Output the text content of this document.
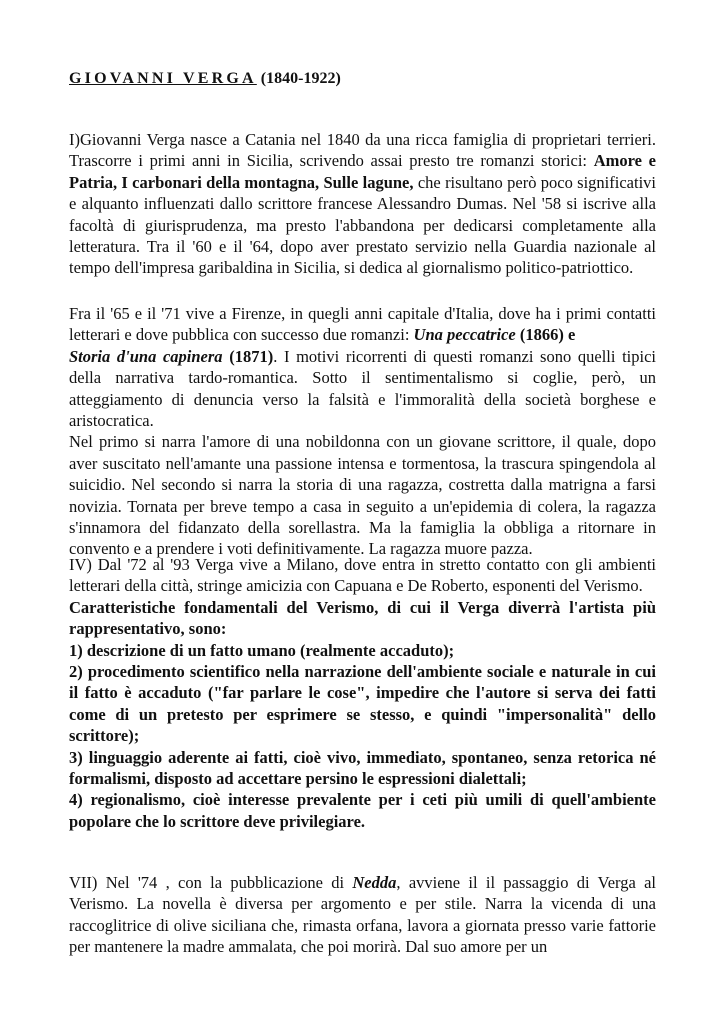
GIOVANNI VERGA (1840-1922)

I)Giovanni Verga nasce a Catania nel 1840 da una ricca famiglia di proprietari terrieri. Trascorre i primi anni in Sicilia, scrivendo assai presto tre romanzi storici: Amore e Patria, I carbonari della montagna, Sulle lagune, che risultano però poco significativi e alquanto influenzati dallo scrittore francese Alessandro Dumas. Nel '58 si iscrive alla facoltà di giurisprudenza, ma presto l'abbandona per dedicarsi completamente alla letteratura. Tra il '60 e il '64, dopo aver prestato servizio nella Guardia nazionale al tempo dell'impresa garibaldina in Sicilia, si dedica al giornalismo politico-patriottico.

Fra il '65 e il '71 vive a Firenze, in quegli anni capitale d'Italia, dove ha i primi contatti letterari e dove pubblica con successo due romanzi: Una peccatrice (1866) e
Storia d'una capinera (1871). I motivi ricorrenti di questi romanzi sono quelli tipici della narrativa tardo-romantica. Sotto il sentimentalismo si coglie, però, un atteggiamento di denuncia verso la falsità e l'immoralità della società borghese e aristocratica.
Nel primo si narra l'amore di una nobildonna con un giovane scrittore, il quale, dopo aver suscitato nell'amante una passione intensa e tormentosa, la trascura spingendola al suicidio. Nel secondo si narra la storia di una ragazza, costretta dalla matrigna a farsi novizia. Tornata per breve tempo a casa in seguito a un'epidemia di colera, la ragazza s'innamora del fidanzato della sorellastra. Ma la famiglia la obbliga a ritornare in convento e a prendere i voti definitivamente. La ragazza muore pazza.

IV) Dal '72 al '93 Verga vive a Milano, dove entra in stretto contatto con gli ambienti letterari della città, stringe amicizia con Capuana e De Roberto, esponenti del Verismo.
Caratteristiche fondamentali del Verismo, di cui il Verga diverrà l'artista più rappresentativo, sono:
1) descrizione di un fatto umano (realmente accaduto);
2) procedimento scientifico nella narrazione dell'ambiente sociale e naturale in cui il fatto è accaduto ("far parlare le cose", impedire che l'autore si serva dei fatti come di un pretesto per esprimere se stesso, e quindi "impersonalità" dello scrittore);
3) linguaggio aderente ai fatti, cioè vivo, immediato, spontaneo, senza retorica né formalismi, disposto ad accettare persino le espressioni dialettali;
4) regionalismo, cioè interesse prevalente per i ceti più umili di quell'ambiente popolare che lo scrittore deve privilegiare.

VII) Nel '74 , con la pubblicazione di Nedda, avviene il il passaggio di Verga al Verismo. La novella è diversa per argomento e per stile. Narra la vicenda di una raccoglitrice di olive siciliana che, rimasta orfana, lavora a giornata presso varie fattorie per mantenere la madre ammalata, che poi morirà. Dal suo amore per un
